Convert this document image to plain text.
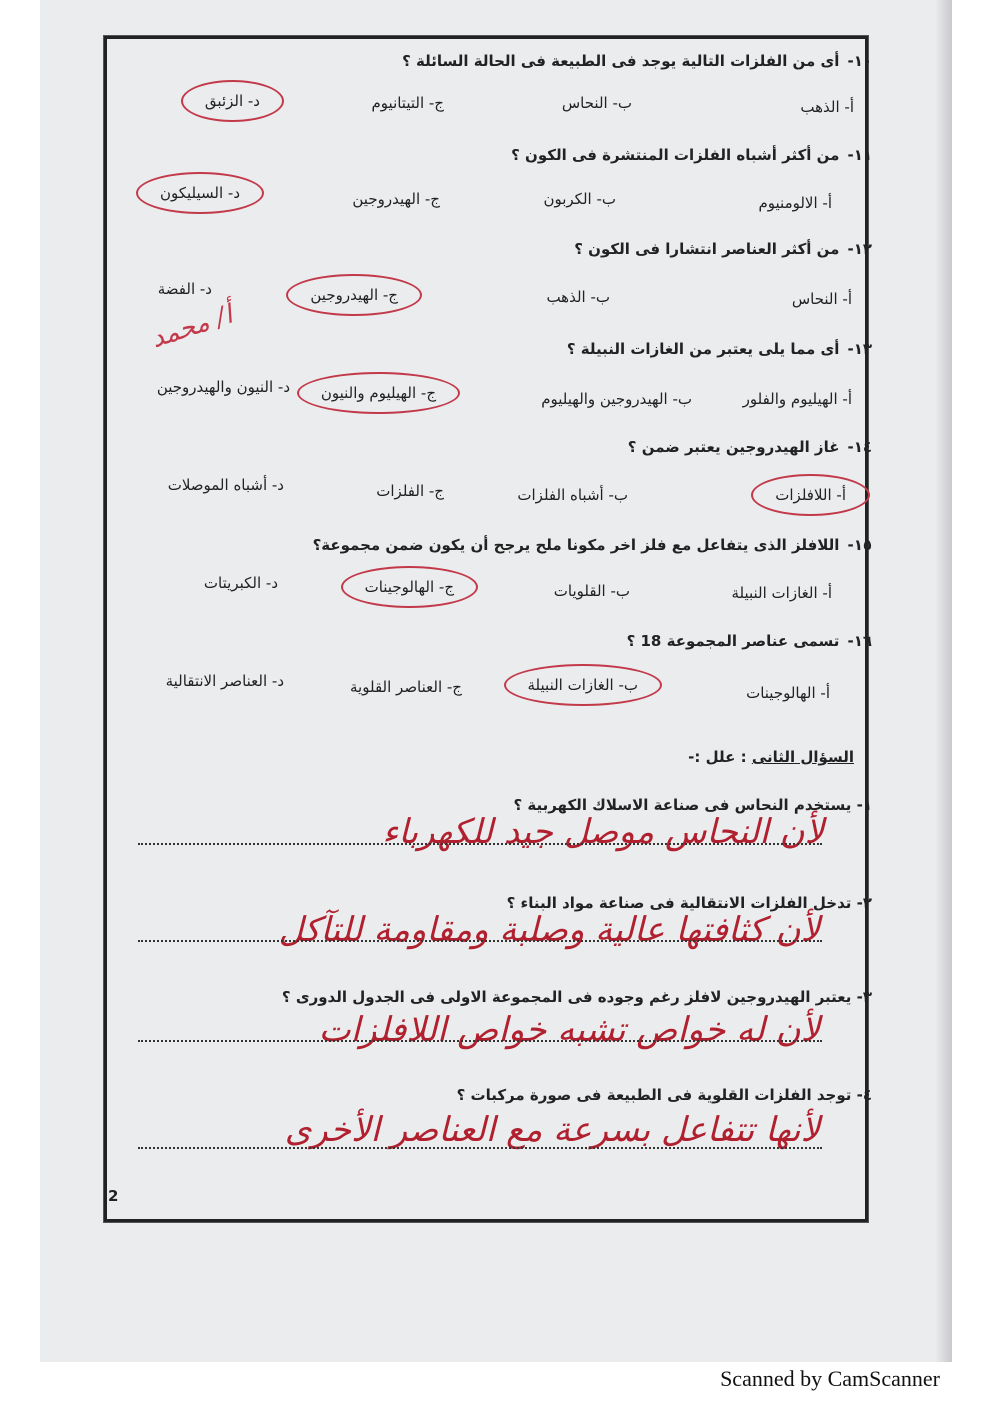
١٠-أى من الفلزات التالية يوجد فى الطبيعة فى الحالة السائلة ؟
أ- الذهب
ب- النحاس
ج- التيتانيوم
د- الزئبق
١١-من أكثر أشباه الفلزات المنتشرة فى الكون ؟
أ- الالومنيوم
ب- الكربون
ج- الهيدروجين
د- السيليكون
١٢-من أكثر العناصر انتشارا فى الكون ؟
أ- النحاس
ب- الذهب
ج- الهيدروجين
د- الفضة
أ/ محمد	١٣-أى مما يلى يعتبر من الغازات النبيلة ؟
أ- الهيليوم والفلور
ب- الهيدروجين والهيليوم
ج- الهيليوم والنيون
د- النيون والهيدروجين
١٤-غاز الهيدروجين يعتبر ضمن ؟
أ- اللافلزات
ب- أشباه الفلزات
ج- الفلزات
د- أشباه الموصلات
١٥-اللافلز الذى يتفاعل مع فلز اخر مكونا ملح يرجح أن يكون ضمن مجموعة؟
أ- الغازات النبيلة
ب- القلويات
ج- الهالوجينات
د- الكبريتات
١٦-تسمى عناصر المجموعة 18 ؟
أ- الهالوجينات
ب- الغازات النبيلة
ج- العناصر القلوية
د- العناصر الانتقالية
السؤال الثانى : علل :-
١- يستخدم النحاس فى صناعة الاسلاك الكهربية ؟
لأن النحاس موصل جيد للكهرباء
٢- تدخل الفلزات الانتقالية فى صناعة مواد البناء ؟
لأن كثافتها عالية وصلبة ومقاومة للتآكل
٣- يعتبر الهيدروجين لافلز رغم وجوده فى المجموعة الاولى فى الجدول الدورى ؟
لأن له خواص تشبه خواص اللافلزات
٤- توجد الفلزات القلوية فى الطبيعة فى صورة مركبات ؟
لأنها تتفاعل بسرعة مع العناصر الأخرى
2
Scanned by CamScanner
